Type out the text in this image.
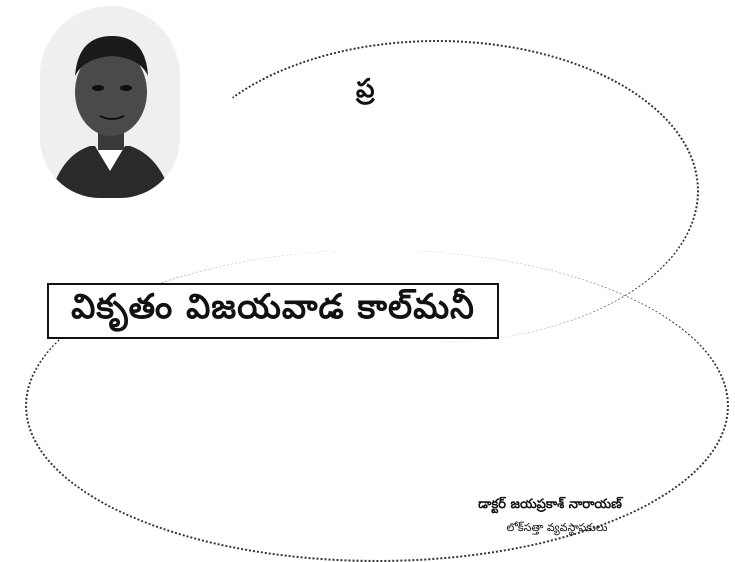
ప్ర

వికృతం విజయవాడ కాల్‌మనీ

డాక్టర్ జయప్రకాశ్ నారాయణ్
లోక్‌సత్తా వ్యవస్థాపకులు
